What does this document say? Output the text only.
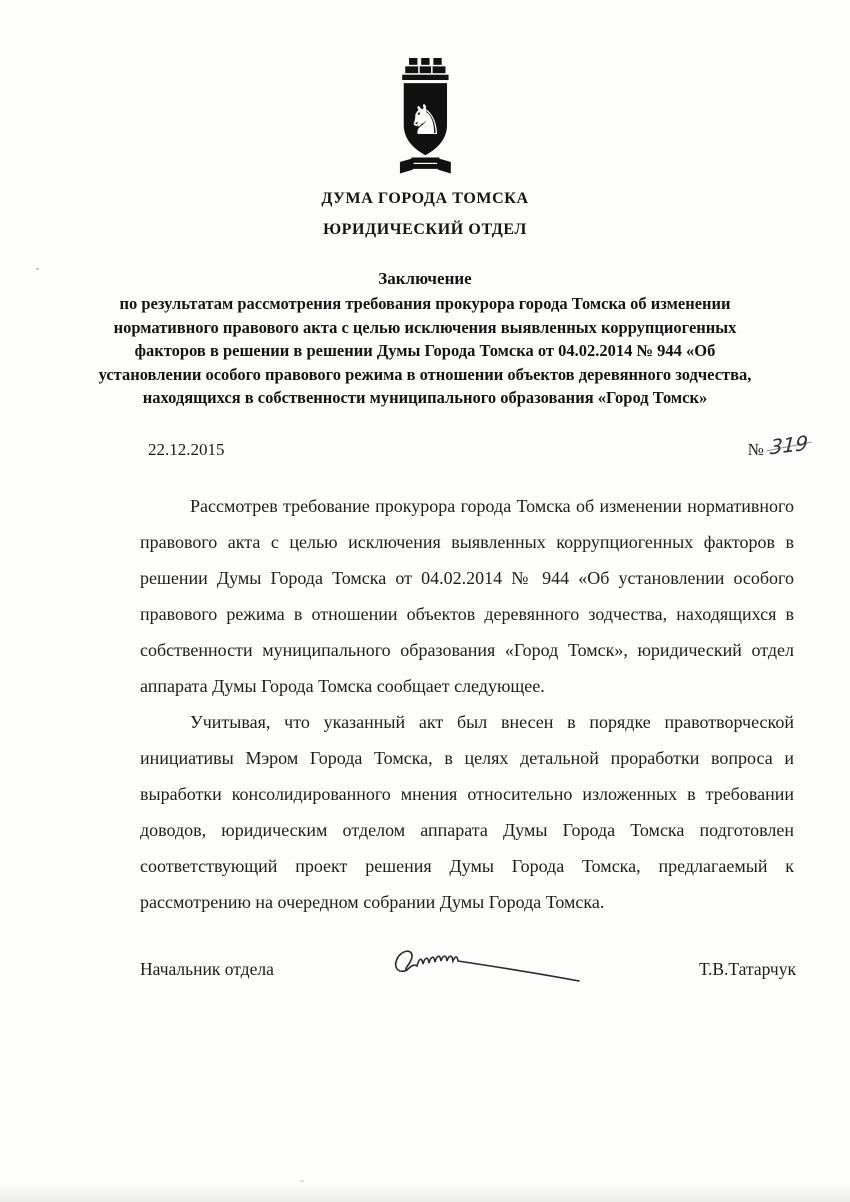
♞
ДУМА ГОРОДА ТОМСКА
ЮРИДИЧЕСКИЙ ОТДЕЛ
Заключение
по результатам рассмотрения требования прокурора города Томска об изменении нормативного правового акта с целью исключения выявленных коррупциогенных факторов в решении в решении Думы Города Томска от 04.02.2014 № 944 «Об установлении особого правового режима в отношении объектов деревянного зодчества, находящихся в собственности муниципального образования «Город Томск»
22.12.2015	№ 319

Рассмотрев требование прокурора города Томска об изменении нормативного правового акта с целью исключения выявленных коррупциогенных факторов в решении Думы Города Томска от 04.02.2014 № 944 «Об установлении особого правового режима в отношении объектов деревянного зодчества, находящихся в собственности муниципального образования «Город Томск», юридический отдел аппарата Думы Города Томска сообщает следующее.

Учитывая, что указанный акт был внесен в порядке правотворческой инициативы Мэром Города Томска, в целях детальной проработки вопроса и выработки консолидированного мнения относительно изложенных в требовании доводов, юридическим отделом аппарата Думы Города Томска подготовлен соответствующий проект решения Думы Города Томска, предлагаемый к рассмотрению на очередном собрании Думы Города Томска.

Начальник отдела	Т.В.Татарчук
